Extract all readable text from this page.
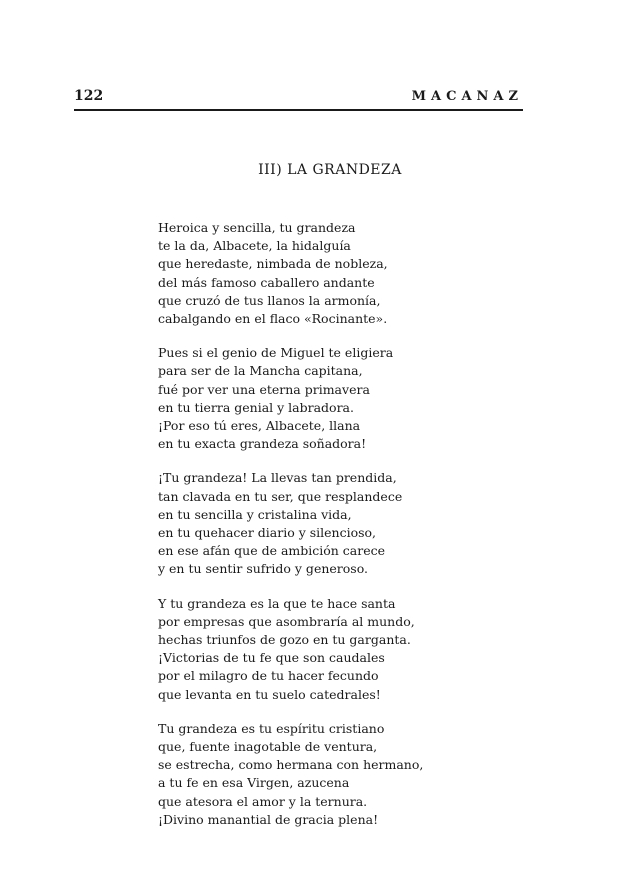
122	MACANAZ
III) LA GRANDEZA
Heroica y sencilla, tu grandeza
te la da, Albacete, la hidalguía
que heredaste, nimbada de nobleza,
del más famoso caballero andante
que cruzó de tus llanos la armonía,
cabalgando en el flaco «Rocinante».
Pues si el genio de Miguel te eligiera
para ser de la Mancha capitana,
fué por ver una eterna primavera
en tu tierra genial y labradora.
¡Por eso tú eres, Albacete, llana
en tu exacta grandeza soñadora!
¡Tu grandeza! La llevas tan prendida,
tan clavada en tu ser, que resplandece
en tu sencilla y cristalina vida,
en tu quehacer diario y silencioso,
en ese afán que de ambición carece
y en tu sentir sufrido y generoso.
Y tu grandeza es la que te hace santa
por empresas que asombraría al mundo,
hechas triunfos de gozo en tu garganta.
¡Victorias de tu fe que son caudales
por el milagro de tu hacer fecundo
que levanta en tu suelo catedrales!
Tu grandeza es tu espíritu cristiano
que, fuente inagotable de ventura,
se estrecha, como hermana con hermano,
a tu fe en esa Virgen, azucena
que atesora el amor y la ternura.
¡Divino manantial de gracia plena!
